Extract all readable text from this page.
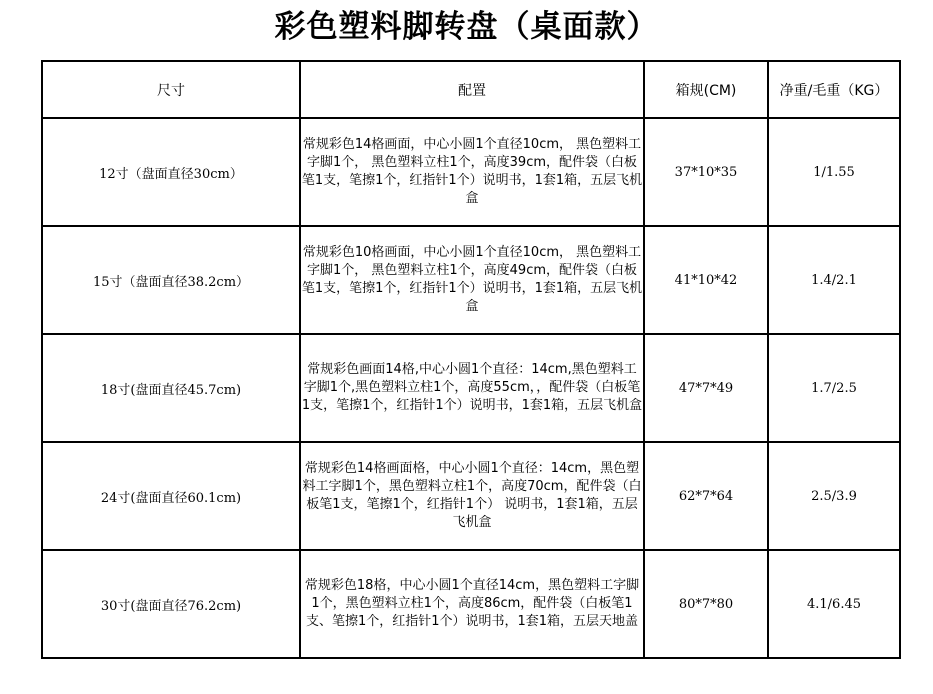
彩色塑料脚转盘（桌面款）
尺寸	配置	箱规(CM)	净重/毛重（KG）
12寸（盘面直径30cm）	常规彩色14格画面，中心小圆1个直径10cm， 黑色塑料工字脚1个， 黑色塑料立柱1个，高度39cm，配件袋（白板笔1支，笔擦1个，红指针1个）说明书，1套1箱，五层飞机盒	37*10*35	1/1.55
15寸（盘面直径38.2cm）	常规彩色10格画面，中心小圆1个直径10cm， 黑色塑料工字脚1个， 黑色塑料立柱1个，高度49cm，配件袋（白板笔1支，笔擦1个，红指针1个）说明书，1套1箱，五层飞机盒	41*10*42	1.4/2.1
18寸(盘面直径45.7cm)	常规彩色画面14格,中心小圆1个直径：14cm,黑色塑料工字脚1个,黑色塑料立柱1个，高度55cm，，配件袋（白板笔1支，笔擦1个，红指针1个）说明书，1套1箱，五层飞机盒	47*7*49	1.7/2.5
24寸(盘面直径60.1cm)	常规彩色14格画面格，中心小圆1个直径：14cm，黑色塑料工字脚1个，黑色塑料立柱1个，高度70cm，配件袋（白板笔1支，笔擦1个，红指针1个） 说明书，1套1箱，五层飞机盒	62*7*64	2.5/3.9
30寸(盘面直径76.2cm)	常规彩色18格，中心小圆1个直径14cm，黑色塑料工字脚1个，黑色塑料立柱1个，高度86cm，配件袋（白板笔1支、笔擦1个，红指针1个）说明书，1套1箱，五层天地盖	80*7*80	4.1/6.45
